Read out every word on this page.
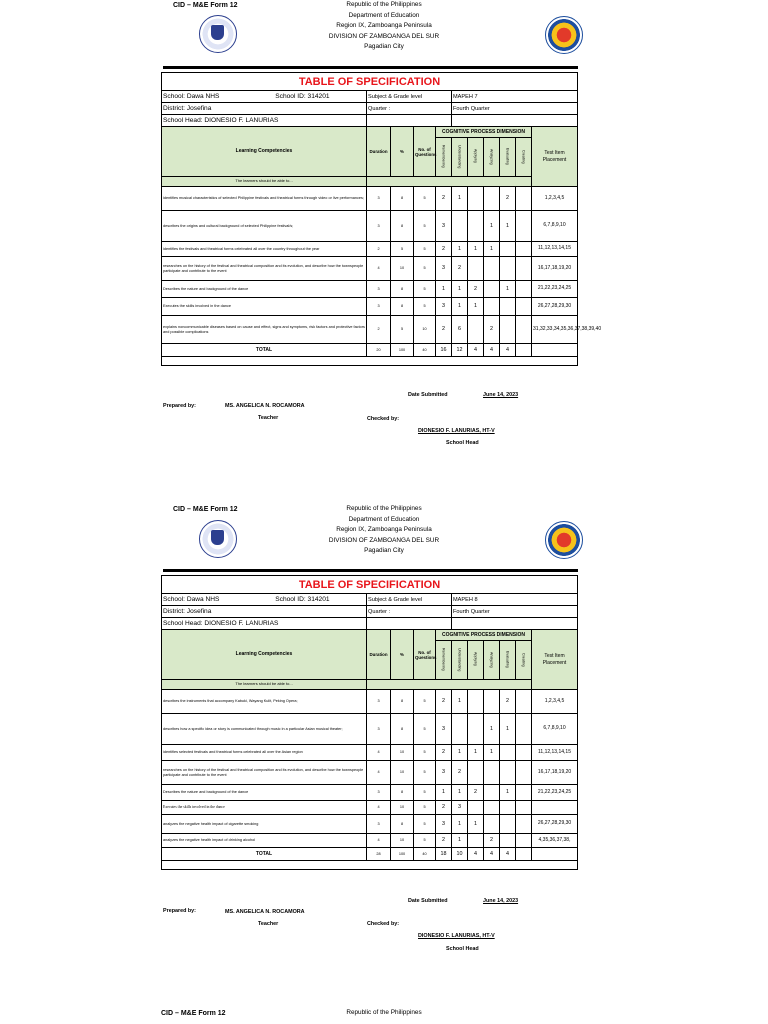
CID – M&E Form 12	Republic of the Philippines
Department of Education
Region IX, Zamboanga Peninsula
DIVISION OF ZAMBOANGA DEL SUR
Pagadian City
TABLE OF SPECIFICATION										
School: Dawa NHS School ID: 314201	Subject & Grade level				MAPEH 7					
District: Josefina	Quarter :				Fourth Quarter					
School Head: DIONESIO F. LANURIAS										
Learning Competencies	Duration	%	No. of Questions	COGNITIVE PROCESS DIMENSION						Test Item Placement
				Remembering	Understanding	Applying	Analyzing	Evaluating	Creating	
The learners should be able to...										
identifies musical characteristics of selected Philippine festivals and theatrical forms through video or live performances;	3	8	5	2	1			2		1,2,3,4,5
describes the origins and cultural background of selected Philippine festival/s;	3	8	5	3			1	1		6,7,8,9,10
identifies the festivals and theatrical forms celebrated all over the country throughout the year	2	5	5	2	1	1	1			11,12,13,14,15
researches on the history of the festival and theatrical composition and its evolution, and describe how the townspeople participate and contribute to the event	4	10	5	3	2					16,17,18,19,20
Describes the nature and background of the dance	3	8	5	1	1	2		1		21,22,23,24,25
Executes the skills involved in the dance	3	8	5	3	1	1				26,27,28,29,30
explains noncommunicable diseases based on cause and effect, signs and symptoms, risk factors and protective factors and possible complications	2	5	10	2	6		2			31,32,33,34,35,36,37,38,39,40
TOTAL	20	100	40	16	12	4	4	4		

Date Submitted	June 14, 2023
Prepared by:	MS. ANGELICA N. ROCAMORA
Teacher	Checked by:
DIONESIO F. LANURIAS, HT-V
School Head
CID – M&E Form 12	Republic of the Philippines
Department of Education
Region IX, Zamboanga Peninsula
DIVISION OF ZAMBOANGA DEL SUR
Pagadian City
TABLE OF SPECIFICATION										
School: Dawa NHS School ID: 314201	Subject & Grade level				MAPEH 8					
District: Josefina	Quarter :				Fourth Quarter					
School Head: DIONESIO F. LANURIAS										
Learning Competencies	Duration	%	No. of Questions	COGNITIVE PROCESS DIMENSION						Test Item Placement
				Remembering	Understanding	Applying	Analyzing	Evaluating	Creating	
The learners should be able to...										
describes the instruments that accompany Kabuki, Wayang Kulit, Peking Opera;	3	8	5	2	1			2		1,2,3,4,5
describes how a specific idea or story is communicated through music in a particular Asian musical theater;	3	8	5	3			1	1		6,7,8,9,10
identifies selected festivals and theatrical forms celebrated all over the Asian region	4	10	5	2	1	1	1			11,12,13,14,15
researches on the history of the festival and theatrical composition and its evolution, and describe how the townspeople participate and contribute to the event	4	10	5	3	2					16,17,18,19,20
Describes the nature and background of the dance	3	8	5	1	1	2		1		21,22,23,24,25
Executes the skills involved in the dance	4	10	5	2	3					
analyzes the negative health impact of cigarette smoking	3	8	5	3	1	1				26,27,28,29,30
analyzes the negative health impact of drinking alcohol	4	10	5	2	1		2			4,35,36,37,38,
TOTAL	28	100	40	18	10	4	4	4		

Date Submitted	June 14, 2023
Prepared by:	MS. ANGELICA N. ROCAMORA
Teacher	Checked by:
DIONESIO F. LANURIAS, HT-V
School Head
CID – M&E Form 12	Republic of the Philippines
